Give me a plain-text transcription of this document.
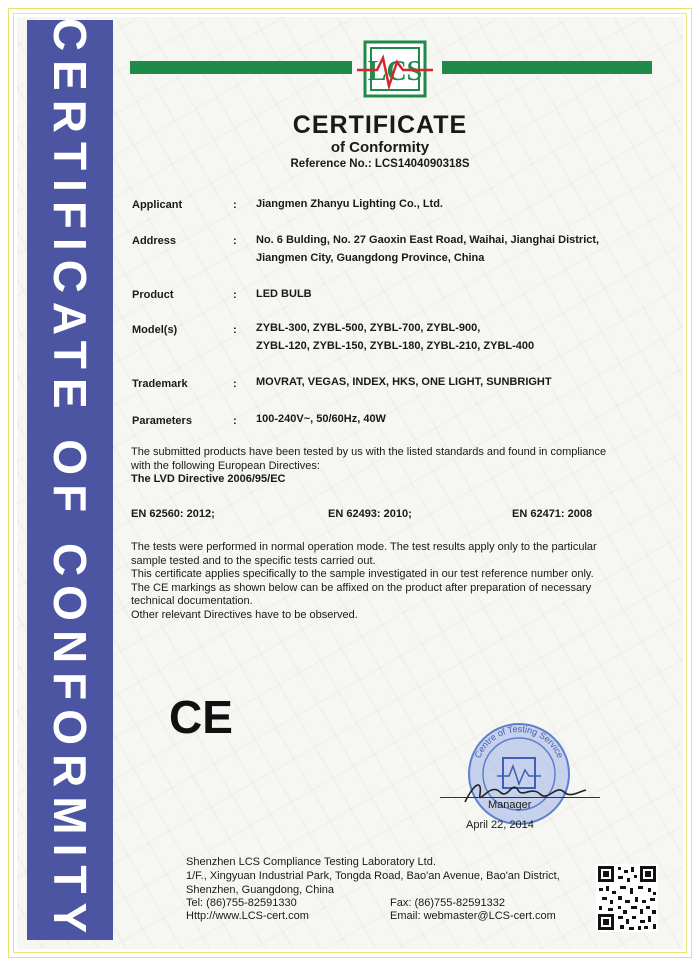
CERTIFICATE OF CONFORMITY	LCS
CERTIFICATE
of Conformity
Reference No.: LCS1404090318S
Applicant	: Jiangmen Zhanyu Lighting Co., Ltd.
Address	: No. 6 Bulding, No. 27 Gaoxin East Road, Waihai, Jianghai District,
Jiangmen City, Guangdong Province, China
Product	: LED BULB
Model(s)	: ZYBL-300, ZYBL-500, ZYBL-700, ZYBL-900,
ZYBL-120, ZYBL-150, ZYBL-180, ZYBL-210, ZYBL-400
Trademark	: MOVRAT, VEGAS, INDEX, HKS, ONE LIGHT, SUNBRIGHT
Parameters	: 100-240V~, 50/60Hz, 40W
The submitted products have been tested by us with the listed standards and found in compliance
with the following European Directives:
The LVD Directive 2006/95/EC
EN 62560: 2012;	EN 62493: 2010;	EN 62471: 2008
The tests were performed in normal operation mode. The test results apply only to the particular
sample tested and to the specific tests carried out.
This certificate applies specifically to the sample investigated in our test reference number only.
The CE markings as shown below can be affixed on the product after preparation of necessary
technical documentation.
Other relevant Directives have to be observed.
CE
Centre of Testing Service
Manager
April 22, 2014
Shenzhen LCS Compliance Testing Laboratory Ltd.
1/F., Xingyuan Industrial Park, Tongda Road, Bao'an Avenue, Bao'an District,
Shenzhen, Guangdong, China
Tel: (86)755-82591330
Http://www.LCS-cert.com
Fax: (86)755-82591332
Email: webmaster@LCS-cert.com
